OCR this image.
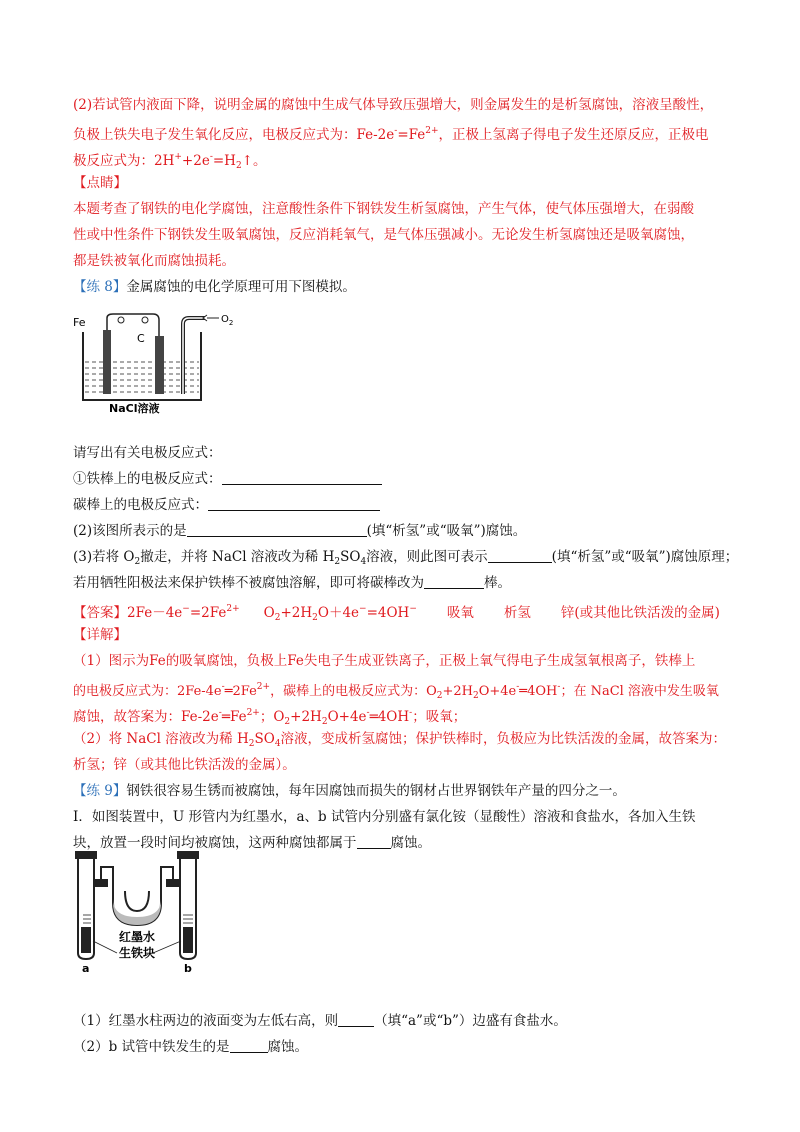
(2)若试管内液面下降，说明金属的腐蚀中生成气体导致压强增大，则金属发生的是析氢腐蚀，溶液呈酸性，
负极上铁失电子发生氧化反应，电极反应式为：$Fe-2e^-=Fe^{2+}$，正极上氢离子得电子发生还原反应，正极电
极反应式为：$2H^++2e^-=H_2↑$。
【点睛】
本题考查了钢铁的电化学腐蚀，注意酸性条件下钢铁发生析氢腐蚀，产生气体，使气体压强增大，在弱酸
性或中性条件下钢铁发生吸氧腐蚀，反应消耗氧气，是气体压强减小。无论发生析氢腐蚀还是吸氧腐蚀，
都是铁被氧化而腐蚀损耗。
【练 8】金属腐蚀的电化学原理可用下图模拟。
请写出有关电极反应式：
①铁棒上的电极反应式：
碳棒上的电极反应式：
(2)该图所表示的是	(填“析氢”或“吸氧”)腐蚀。
(3)若将 $O_2$撤走，并将 NaCl 溶液改为稀 $H_2SO_4$溶液，则此图可表示	(填“析氢”或“吸氧”)腐蚀原理；
若用牺牲阳极法来保护铁棒不被腐蚀溶解，即可将碳棒改为	棒。
【答案】$2Fe-4e^-=2Fe^{2+}$ $O_2+2H_2O+4e^-=4OH^-$ 吸氧 析氢 锌(或其他比铁活泼的金属)
【详解】
（1）图示为Fe的吸氧腐蚀，负极上Fe失电子生成亚铁离子，正极上氧气得电子生成氢氧根离子，铁棒上
的电极反应式为：$2Fe-4e^-═2Fe^{2+}$，碳棒上的电极反应式为：$O_2+2H_2O+4e^-═4OH^-$；在 NaCl 溶液中发生吸氧
腐蚀，故答案为：$Fe-2e^-═Fe^{2+}$；$O_2+2H_2O+4e^-═4OH^-$；吸氧；
（2）将 NaCl 溶液改为稀 $H_2SO_4$溶液，变成析氢腐蚀；保护铁棒时，负极应为比铁活泼的金属，故答案为：
析氢；锌（或其他比铁活泼的金属）。
【练 9】钢铁很容易生锈而被腐蚀，每年因腐蚀而损失的钢材占世界钢铁年产量的四分之一。
I．如图装置中，U 形管内为红墨水，a、b 试管内分别盛有氯化铵（显酸性）溶液和食盐水，各加入生铁
块，放置一段时间均被腐蚀，这两种腐蚀都属于	腐蚀。
（1）红墨水柱两边的液面变为左低右高，则	（填“a”或“b”）边盛有食盐水。
（2）b 试管中铁发生的是	腐蚀。
Fe
C
$O_2$
NaCl溶液
红墨水
生铁块
a	b
